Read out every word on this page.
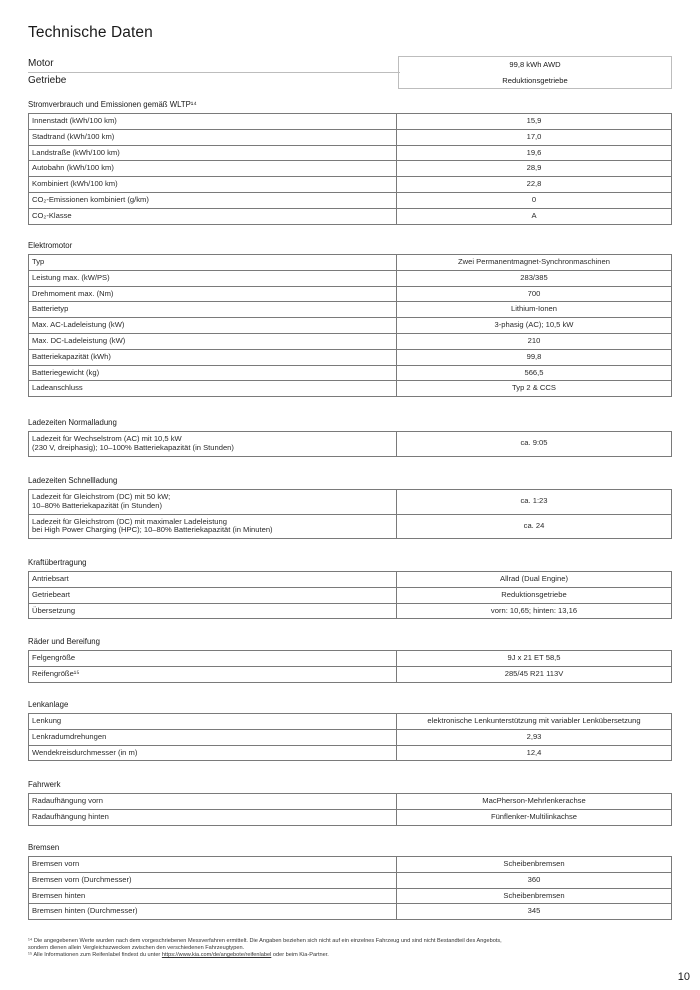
Technische Daten
Motor	99,8 kWh AWD
Getriebe	Reduktionsgetriebe
Stromverbrauch und Emissionen gemäß WLTP¹⁴
Innenstadt (kWh/100 km)	15,9
Stadtrand (kWh/100 km)	17,0
Landstraße (kWh/100 km)	19,6
Autobahn (kWh/100 km)	28,9
Kombiniert (kWh/100 km)	22,8
CO₂-Emissionen kombiniert (g/km)	0
CO₂-Klasse	A
Elektromotor
Typ	Zwei Permanentmagnet-Synchronmaschinen
Leistung max. (kW/PS)	283/385
Drehmoment max. (Nm)	700
Batterietyp	Lithium-Ionen
Max. AC-Ladeleistung (kW)	3-phasig (AC); 10,5 kW
Max. DC-Ladeleistung (kW)	210
Batteriekapazität (kWh)	99,8
Batteriegewicht (kg)	566,5
Ladeanschluss	Typ 2 & CCS
Ladezeiten Normalladung
Ladezeit für Wechselstrom (AC) mit 10,5 kW
(230 V, dreiphasig); 10–100% Batteriekapazität (in Stunden)	ca. 9:05
Ladezeiten Schnellladung
Ladezeit für Gleichstrom (DC) mit 50 kW;
10–80% Batteriekapazität (in Stunden)	ca. 1:23
Ladezeit für Gleichstrom (DC) mit maximaler Ladeleistung
bei High Power Charging (HPC); 10–80% Batteriekapazität (in Minuten)	ca. 24
Kraftübertragung
Antriebsart	Allrad (Dual Engine)
Getriebeart	Reduktionsgetriebe
Übersetzung	vorn: 10,65; hinten: 13,16
Räder und Bereifung
Felgengröße	9J x 21 ET 58,5
Reifengröße¹⁵	285/45 R21 113V
Lenkanlage
Lenkung	elektronische Lenkunterstützung mit variabler Lenkübersetzung
Lenkradumdrehungen	2,93
Wendekreisdurchmesser (in m)	12,4
Fahrwerk
Radaufhängung vorn	MacPherson-Mehrlenkerachse
Radaufhängung hinten	Fünflenker-Multilinkachse
Bremsen
Bremsen vorn	Scheibenbremsen
Bremsen vorn (Durchmesser)	360
Bremsen hinten	Scheibenbremsen
Bremsen hinten (Durchmesser)	345

¹⁴ Die angegebenen Werte wurden nach dem vorgeschriebenen Messverfahren ermittelt. Die Angaben beziehen sich nicht auf ein einzelnes Fahrzeug und sind nicht Bestandteil des Angebots,
sondern dienen allein Vergleichszwecken zwischen den verschiedenen Fahrzeugtypen.

¹⁵ Alle Informationen zum Reifenlabel findest du unter https://www.kia.com/de/angebote/reifenlabel oder beim Kia-Partner.

10
